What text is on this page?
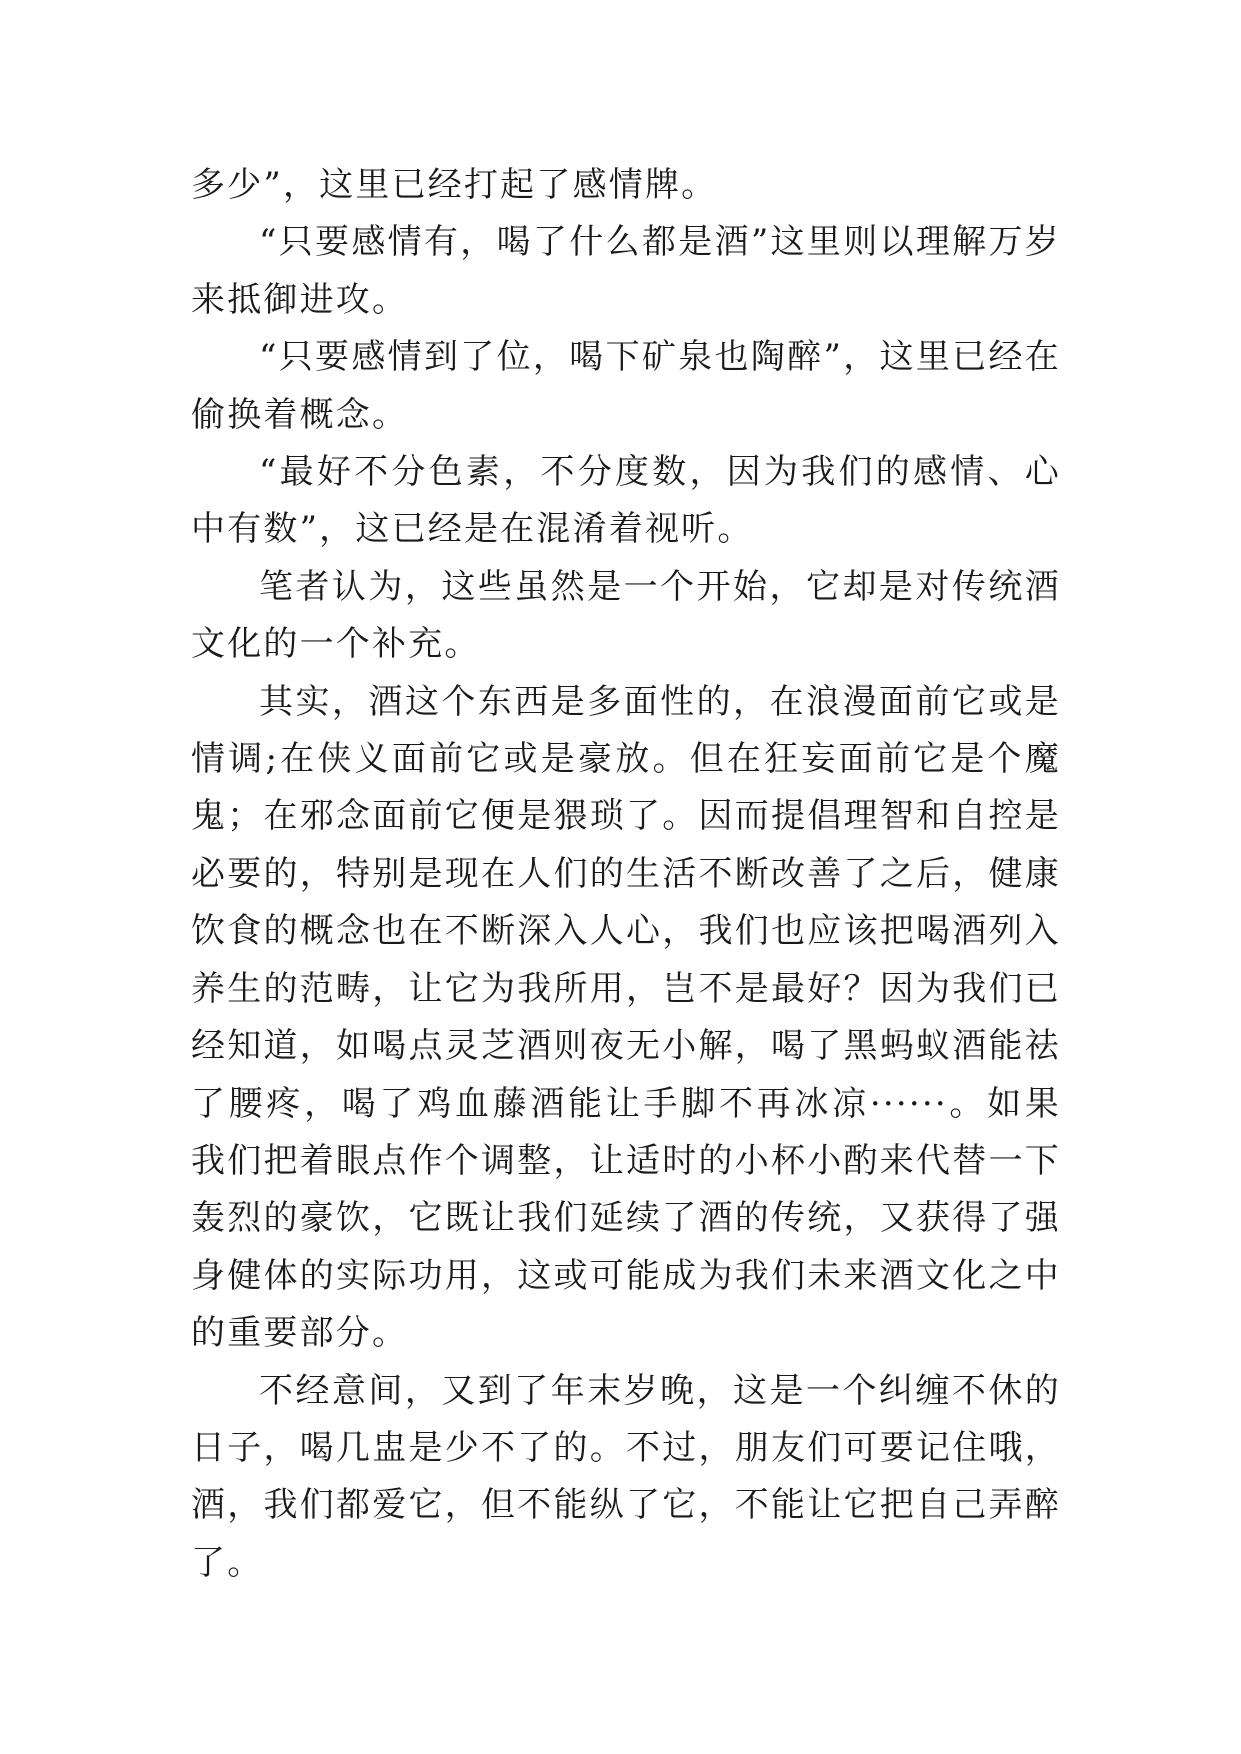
多少”，这里已经打起了感情牌。

“只要感情有，喝了什么都是酒”这里则以理解万岁来抵御进攻。

“只要感情到了位，喝下矿泉也陶醉”，这里已经在偷换着概念。

“最好不分色素，不分度数，因为我们的感情、心中有数”，这已经是在混淆着视听。

笔者认为，这些虽然是一个开始，它却是对传统酒文化的一个补充。

其实，酒这个东西是多面性的，在浪漫面前它或是情调;在侠义面前它或是豪放。但在狂妄面前它是个魔鬼；在邪念面前它便是猥琐了。因而提倡理智和自控是必要的，特别是现在人们的生活不断改善了之后，健康饮食的概念也在不断深入人心，我们也应该把喝酒列入养生的范畴，让它为我所用，岂不是最好？因为我们已经知道，如喝点灵芝酒则夜无小解，喝了黑蚂蚁酒能祛了腰疼，喝了鸡血藤酒能让手脚不再冰凉······。如果我们把着眼点作个调整，让适时的小杯小酌来代替一下轰烈的豪饮，它既让我们延续了酒的传统，又获得了强身健体的实际功用，这或可能成为我们未来酒文化之中的重要部分。

不经意间，又到了年末岁晚，这是一个纠缠不休的日子，喝几盅是少不了的。不过，朋友们可要记住哦，酒，我们都爱它，但不能纵了它，不能让它把自己弄醉了。
